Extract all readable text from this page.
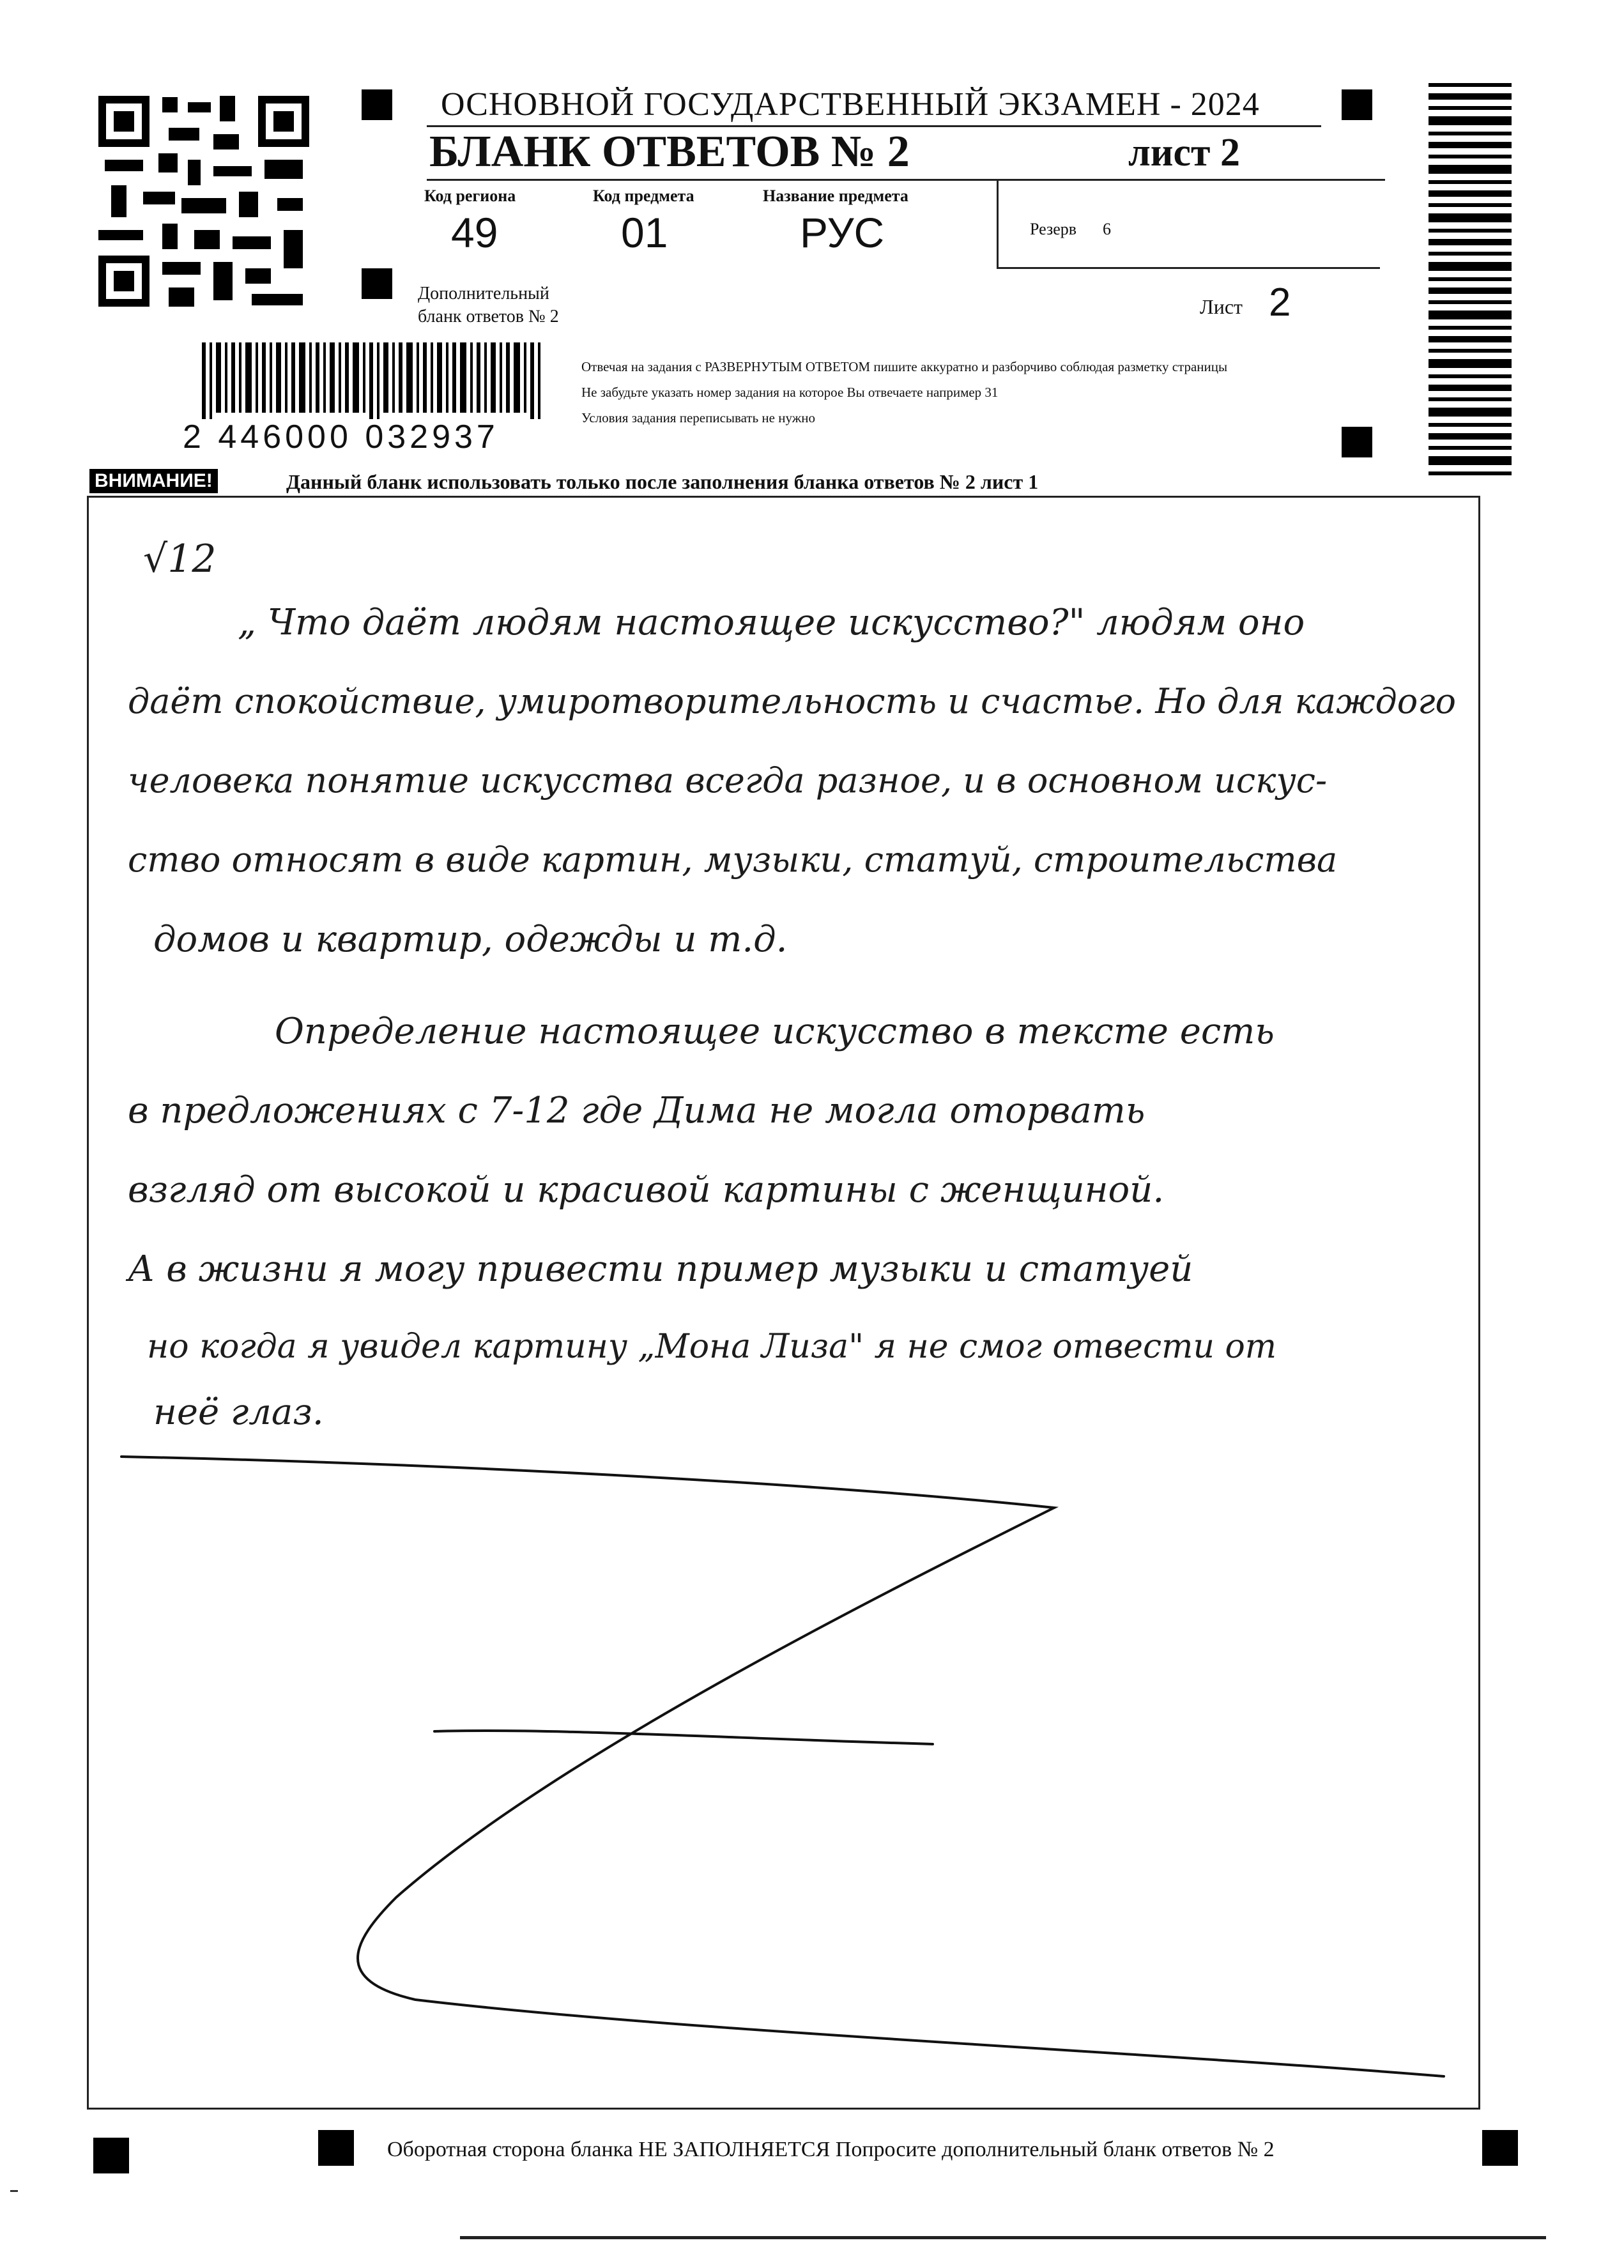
ОСНОВНОЙ ГОСУДАРСТВЕННЫЙ ЭКЗАМЕН - 2024
БЛАНК ОТВЕТОВ № 2	лист 2
Код региона
49
Код предмета
01
Название предмета
РУС	Резерв 6
Дополнительный
бланк ответов № 2	Лист 2
2 446000 032937
Отвечая на задания с РАЗВЕРНУТЫМ ОТВЕТОМ пишите аккуратно и разборчиво соблюдая разметку страницы
Не забудьте указать номер задания на которое Вы отвечаете например 31
Условия задания переписывать не нужно
ВНИМАНИЕ!	Данный бланк использовать только после заполнения бланка ответов № 2 лист 1
√12
„ Что даёт людям настоящее искусство?" людям оно
даёт спокойствие, умиротворительность и счастье. Но для каждого
человека понятие искусства всегда разное, и в основном искус-
ство относят в виде картин, музыки, статуй, строительства
домов и квартир, одежды и т.д.
Определение настоящее искусство в тексте есть
в предложениях с 7-12 где Дима не могла оторвать
взгляд от высокой и красивой картины с женщиной.
А в жизни я могу привести пример музыки и статуей
но когда я увидел картину „Мона Лиза" я не смог отвести от
неё глаз.
Оборотная сторона бланка НЕ ЗАПОЛНЯЕТСЯ Попросите дополнительный бланк ответов № 2
